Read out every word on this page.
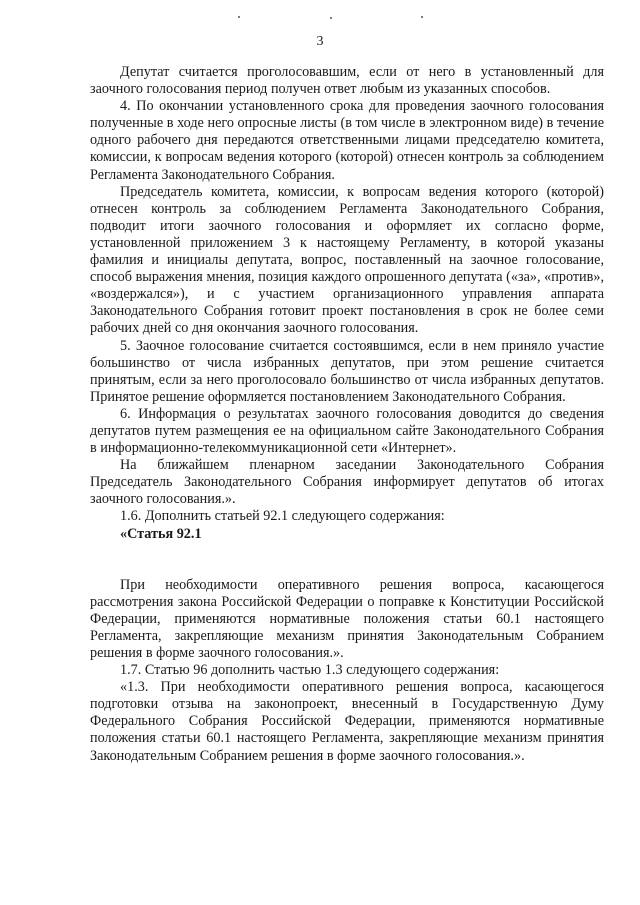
3

Депутат считается проголосовавшим, если от него в установленный для заочного голосования период получен ответ любым из указанных способов.

4. По окончании установленного срока для проведения заочного голосования полученные в ходе него опросные листы (в том числе в электронном виде) в течение одного рабочего дня передаются ответственными лицами председателю комитета, комиссии, к вопросам ведения которого (которой) отнесен контроль за соблюдением Регламента Законодательного Собрания.

Председатель комитета, комиссии, к вопросам ведения которого (которой) отнесен контроль за соблюдением Регламента Законодательного Собрания, подводит итоги заочного голосования и оформляет их согласно форме, установленной приложением 3 к настоящему Регламенту, в которой указаны фамилия и инициалы депутата, вопрос, поставленный на заочное голосование, способ выражения мнения, позиция каждого опрошенного депутата («за», «против», «воздержался»), и с участием организационного управления аппарата Законодательного Собрания готовит проект постановления в срок не более семи рабочих дней со дня окончания заочного голосования.

5. Заочное голосование считается состоявшимся, если в нем приняло участие большинство от числа избранных депутатов, при этом решение считается принятым, если за него проголосовало большинство от числа избранных депутатов. Принятое решение оформляется постановлением Законодательного Собрания.

6. Информация о результатах заочного голосования доводится до сведения депутатов путем размещения ее на официальном сайте Законодательного Собрания в информационно-телекоммуникационной сети «Интернет».

На ближайшем пленарном заседании Законодательного Собрания Председатель Законодательного Собрания информирует депутатов об итогах заочного голосования.».

1.6. Дополнить статьей 92.1 следующего содержания:

«Статья 92.1

При необходимости оперативного решения вопроса, касающегося рассмотрения закона Российской Федерации о поправке к Конституции Российской Федерации, применяются нормативные положения статьи 60.1 настоящего Регламента, закрепляющие механизм принятия Законодательным Собранием решения в форме заочного голосования.».

1.7. Статью 96 дополнить частью 1.3 следующего содержания:

«1.3. При необходимости оперативного решения вопроса, касающегося подготовки отзыва на законопроект, внесенный в Государственную Думу Федерального Собрания Российской Федерации, применяются нормативные положения статьи 60.1 настоящего Регламента, закрепляющие механизм принятия Законодательным Собранием решения в форме заочного голосования.».
